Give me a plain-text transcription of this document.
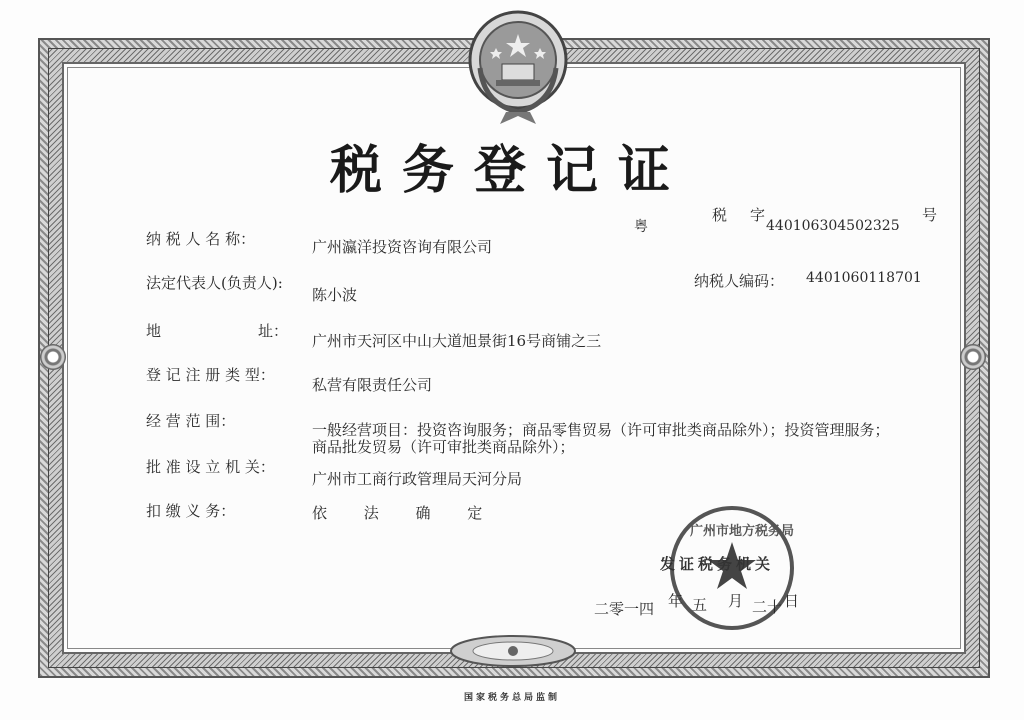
税务登记证
粤
税 字
440106304502325
号
纳税人编码： 4401060118701
纳 税 人 名 称：	广州瀛洋投资咨询有限公司
法定代表人(负责人):
陈小波
地	址：
广州市天河区中山大道旭景街16号商铺之三
登 记 注 册 类 型：
私营有限责任公司
经 营 范 围：	一般经营项目：投资咨询服务；商品零售贸易（许可审批类商品除外）；投资管理服务；商品批发贸易（许可审批类商品除外）；
批 准 设 立 机 关：
广州市工商行政管理局天河分局
扣 缴 义 务：	依 法 确 定
发证税务机关
广州市地方税务局
二零一四 年 五 月 二十 日
国家税务总局监制
